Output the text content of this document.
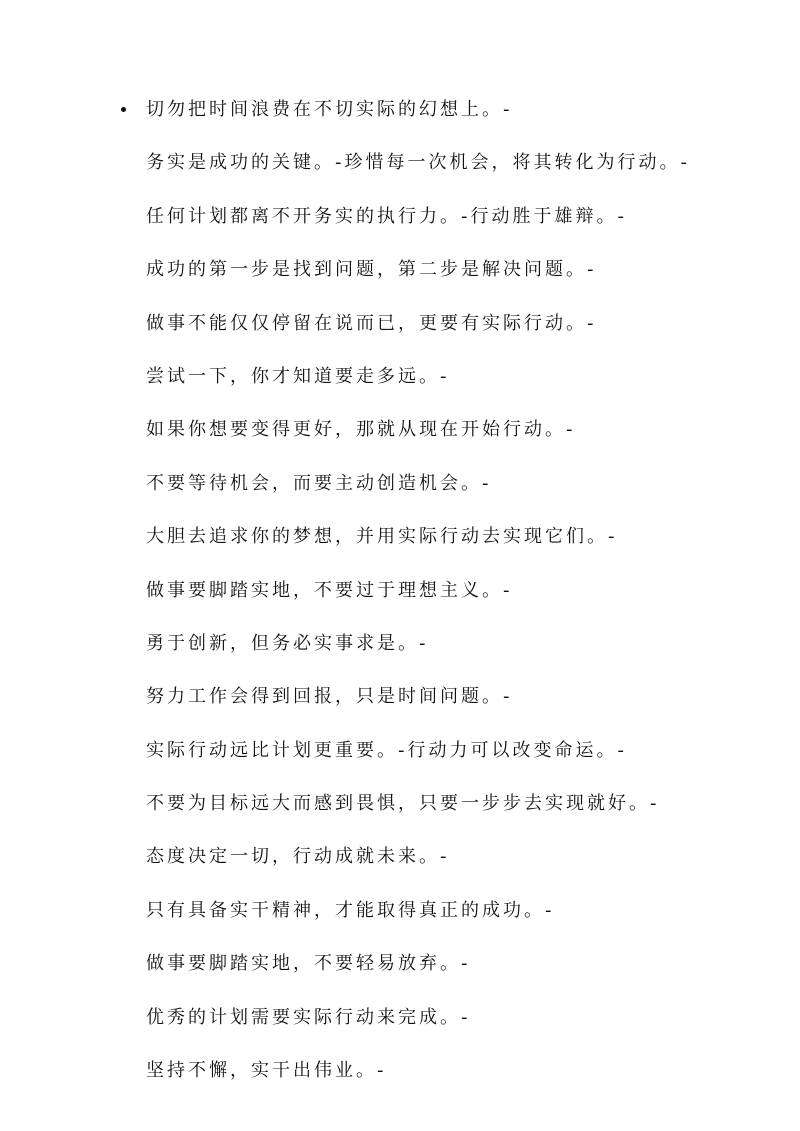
切勿把时间浪费在不切实际的幻想上。-
务实是成功的关键。-珍惜每一次机会，将其转化为行动。-
任何计划都离不开务实的执行力。-行动胜于雄辩。-
成功的第一步是找到问题，第二步是解决问题。-
做事不能仅仅停留在说而已，更要有实际行动。-
尝试一下，你才知道要走多远。-
如果你想要变得更好，那就从现在开始行动。-
不要等待机会，而要主动创造机会。-
大胆去追求你的梦想，并用实际行动去实现它们。-
做事要脚踏实地，不要过于理想主义。-
勇于创新，但务必实事求是。-
努力工作会得到回报，只是时间问题。-
实际行动远比计划更重要。-行动力可以改变命运。-
不要为目标远大而感到畏惧，只要一步步去实现就好。-
态度决定一切，行动成就未来。-
只有具备实干精神，才能取得真正的成功。-
做事要脚踏实地，不要轻易放弃。-
优秀的计划需要实际行动来完成。-
坚持不懈，实干出伟业。-
